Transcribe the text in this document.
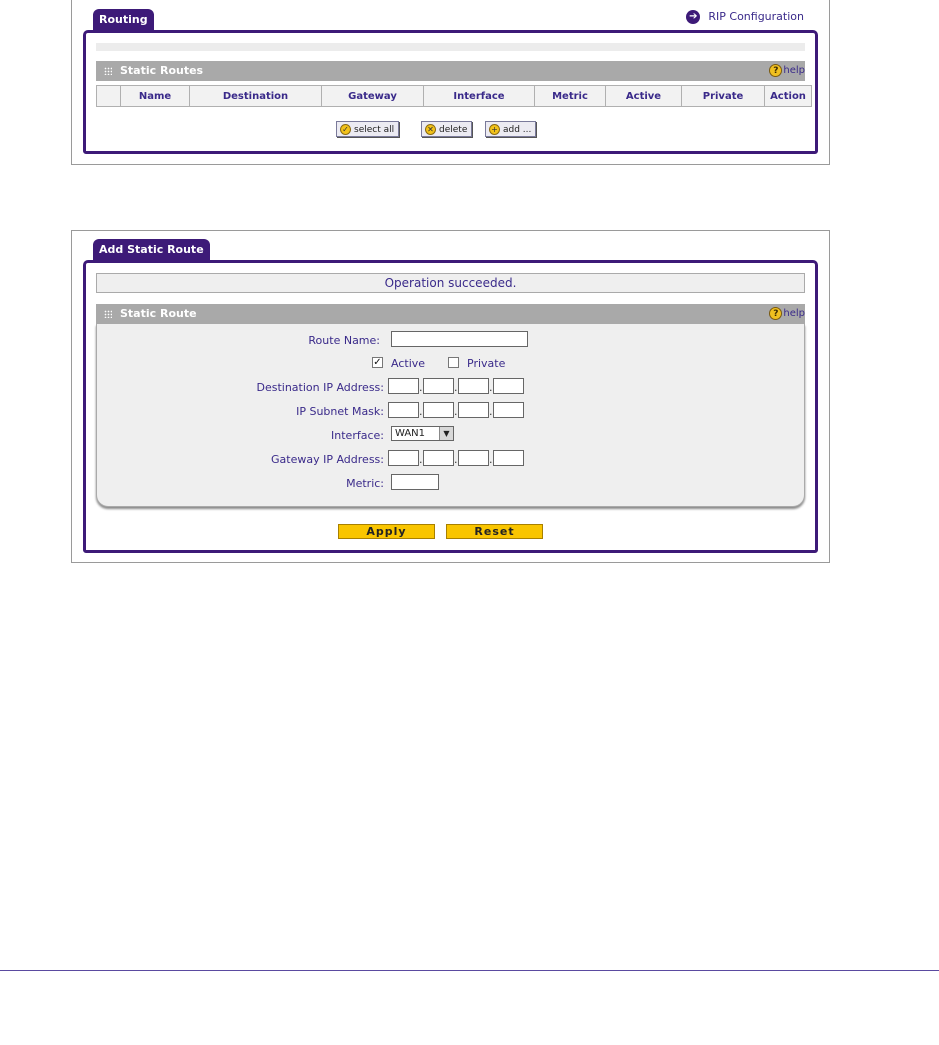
Routing	➔ RIP Configuration
Static Routes	? help
	Name	Destination	Gateway	Interface	Metric	Active	Private	Action
✓ select all	✕ delete	+ add ...
Add Static Route
Operation succeeded.
Static Route	? help
Route Name:
✓ Active	Private
Destination IP Address:	.	.	.
IP Subnet Mask:	.	.	.
Interface:	WAN1	▼
Gateway IP Address:	.	.	.
Metric:
Apply	Reset
